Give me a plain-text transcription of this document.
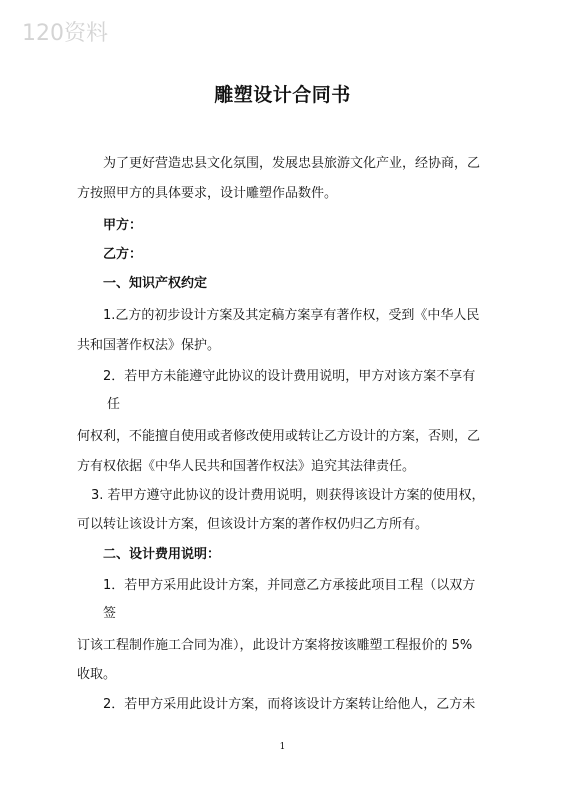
120资料
雕塑设计合同书
为了更好营造忠县文化氛围，发展忠县旅游文化产业，经协商，乙
方按照甲方的具体要求，设计雕塑作品数件。
甲方：
乙方：
一、知识产权约定
1.乙方的初步设计方案及其定稿方案享有著作权，受到《中华人民
共和国著作权法》保护。
2．若甲方未能遵守此协议的设计费用说明，甲方对该方案不享有
任
何权利，不能擅自使用或者修改使用或转让乙方设计的方案，否则，乙
方有权依据《中华人民共和国著作权法》追究其法律责任。
3. 若甲方遵守此协议的设计费用说明，则获得该设计方案的使用权，
可以转让该设计方案，但该设计方案的著作权仍归乙方所有。
二、设计费用说明：
1．若甲方采用此设计方案，并同意乙方承接此项目工程（以双方
签
订该工程制作施工合同为准），此设计方案将按该雕塑工程报价的 5%
收取。
2．若甲方采用此设计方案，而将该设计方案转让给他人，乙方未
1
